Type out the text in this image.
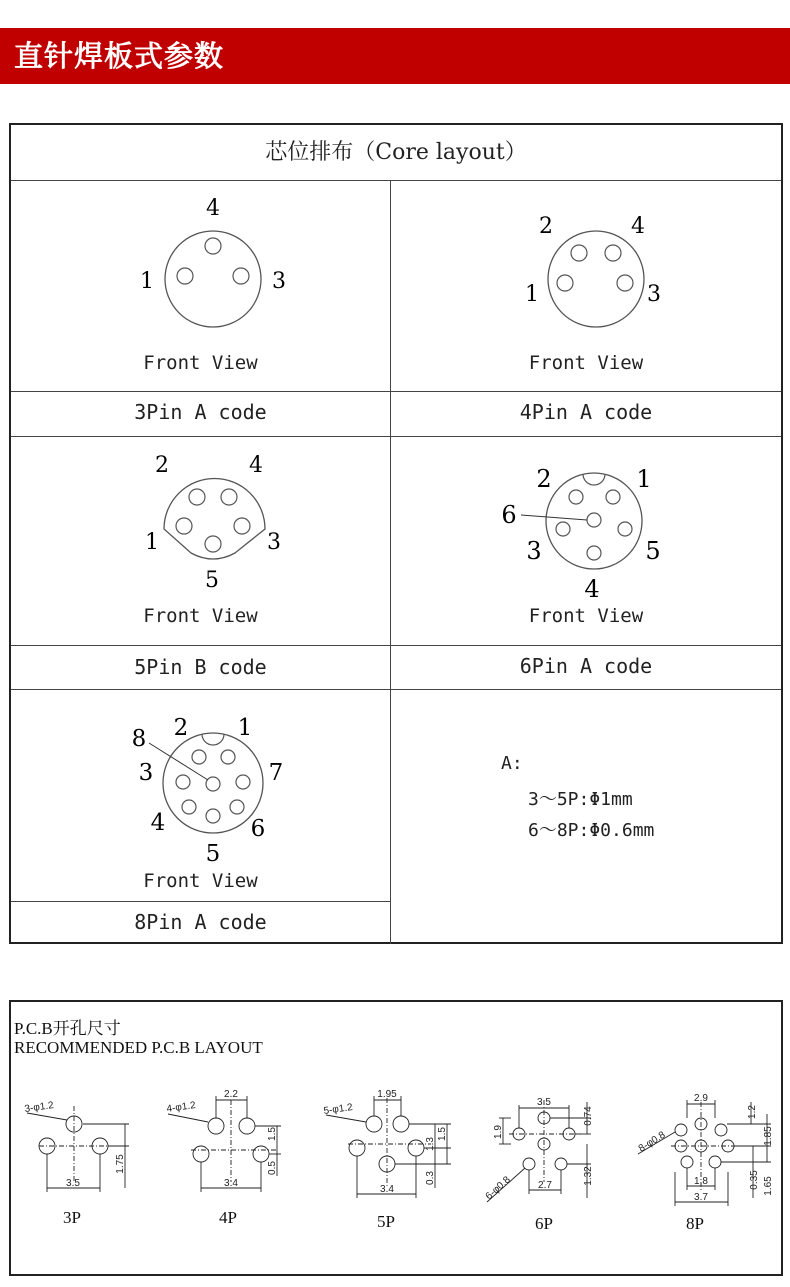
直针焊板式参数
芯位排布（Core layout）
4
1	3
Front View
3Pin A code
2	4
1	3
Front View
4Pin A code
2	4
1	3
5
Front View
5Pin B code
2	1
6
3	5
4
Front View
6Pin A code
8 2 1
3	7
4	6
5
Front View
8Pin A code
A:
3～5P:Φ1mm
6～8P:Φ0.6mm
P.C.B开孔尺寸
RECOMMENDED P.C.B LAYOUT
3-φ1.2
3.5
1.75
4-φ1.2
2.2
3.4
1.5
0.5
5-φ1.2
1.95
3.4
1.3
1.5
0.3
3.5
1.9
0.74
6-φ0.8	2.7	1.32
2.9
1.2
1.85
8-φ0.8
1.8
3.7
0.35 1.65
3P	4P	5P	6P	8P
